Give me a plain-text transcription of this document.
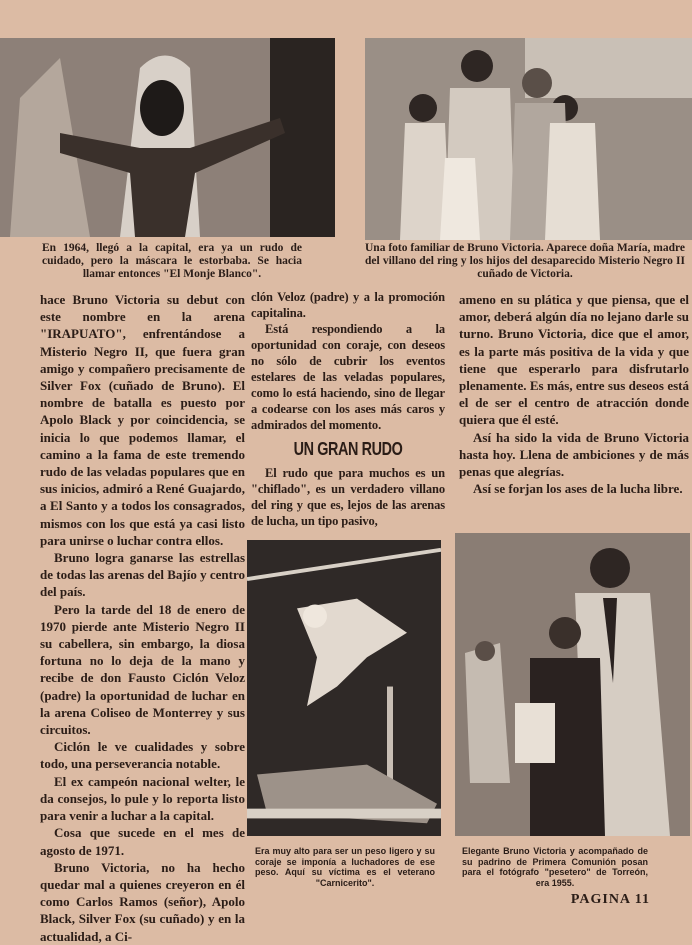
En 1964, llegó a la capital, era ya un rudo de cuidado, pero la máscara le estorbaba. Se hacia llamar entonces "El Monje Blanco".
Una foto familiar de Bruno Victoria. Aparece doña María, madre del villano del ring y los hijos del desaparecido Misterio Negro II cuñado de Victoria.

hace Bruno Victoria su debut con este nombre en la arena "IRAPUATO", enfrentándose a Misterio Negro II, que fuera gran amigo y compañero precisamente de Silver Fox (cuñado de Bruno). El nombre de batalla es puesto por Apolo Black y por coincidencia, se inicia lo que podemos llamar, el camino a la fama de este tremendo rudo de las veladas populares que en sus inicios, admiró a René Guajardo, a El Santo y a todos los consagrados, mismos con los que está ya casi listo para unirse o luchar contra ellos.

Bruno logra ganarse las estrellas de todas las arenas del Bajío y centro del país.

Pero la tarde del 18 de enero de 1970 pierde ante Misterio Negro II su cabellera, sin embargo, la diosa fortuna no lo deja de la mano y recibe de don Fausto Ciclón Veloz (padre) la oportunidad de luchar en la arena Coliseo de Monterrey y sus circuitos.

Ciclón le ve cualidades y sobre todo, una perseverancia notable.

El ex campeón nacional welter, le da consejos, lo pule y lo reporta listo para venir a luchar a la capital.

Cosa que sucede en el mes de agosto de 1971.

Bruno Victoria, no ha hecho quedar mal a quienes creyeron en él como Carlos Ramos (señor), Apolo Black, Silver Fox (su cuñado) y en la actualidad, a Ci-

clón Veloz (padre) y a la promoción capitalina.

Está respondiendo a la oportunidad con coraje, con deseos no sólo de cubrir los eventos estelares de las veladas populares, como lo está haciendo, sino de llegar a codearse con los ases más caros y admirados del momento.

UN GRAN RUDO

El rudo que para muchos es un "chiflado", es un verdadero villano del ring y que es, lejos de las arenas de lucha, un tipo pasivo,

ameno en su plática y que piensa, que el amor, deberá algún día no lejano darle su turno. Bruno Victoria, dice que el amor, es la parte más positiva de la vida y que tiene que esperarlo para disfrutarlo plenamente. Es más, entre sus deseos está el de ser el centro de atracción donde quiera que él esté.

Así ha sido la vida de Bruno Victoria hasta hoy. Llena de ambiciones y de más penas que alegrías.

Así se forjan los ases de la lucha libre.

Era muy alto para ser un peso ligero y su coraje se imponía a luchadores de ese peso. Aquí su víctima es el veterano "Carnicerito".
Elegante Bruno Victoria y acompañado de su padrino de Primera Comunión posan para el fotógrafo "pesetero" de Torreón, era 1955.
PAGINA 11
